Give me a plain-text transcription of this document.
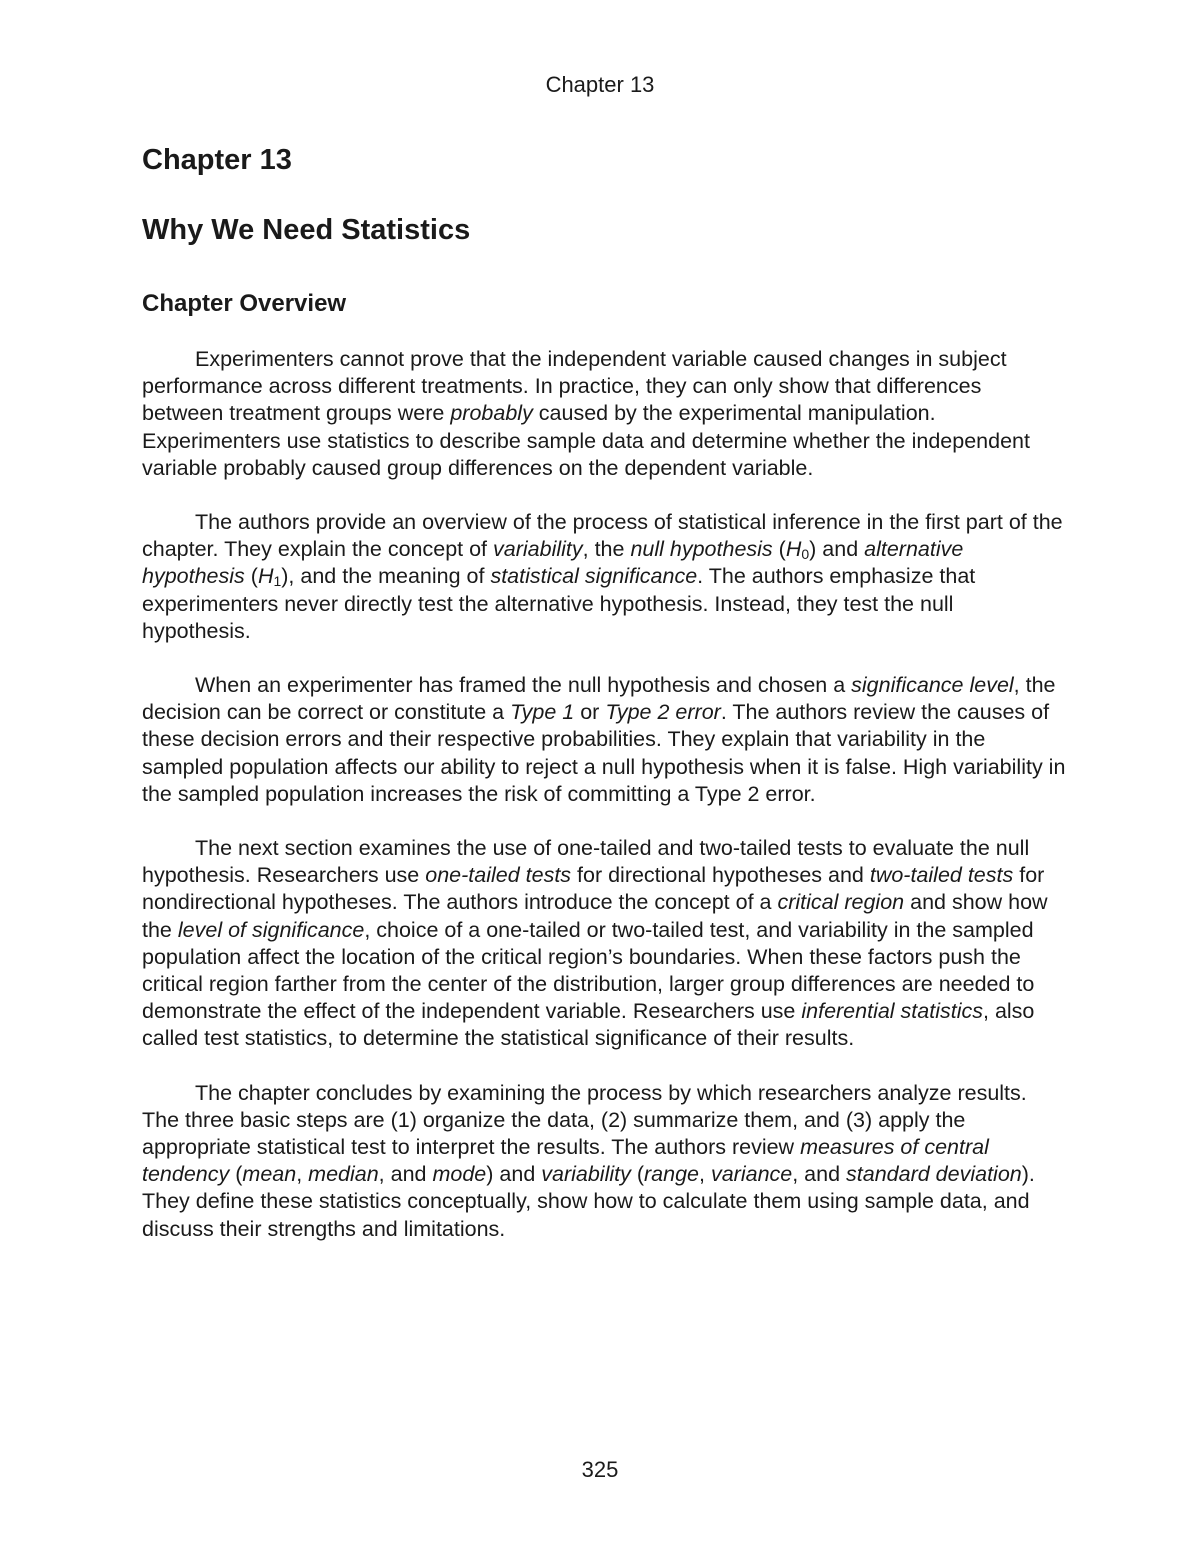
Chapter 13
Chapter 13
Why We Need Statistics
Chapter Overview

Experimenters cannot prove that the independent variable caused changes in subject performance across different treatments. In practice, they can only show that differences between treatment groups were probably caused by the experimental manipulation. Experimenters use statistics to describe sample data and determine whether the independent variable probably caused group differences on the dependent variable.

The authors provide an overview of the process of statistical inference in the first part of the chapter. They explain the concept of variability, the null hypothesis $(H_0)$ and alternative hypothesis $(H_1)$, and the meaning of statistical significance. The authors emphasize that experimenters never directly test the alternative hypothesis. Instead, they test the null hypothesis.

When an experimenter has framed the null hypothesis and chosen a significance level, the decision can be correct or constitute a Type 1 or Type 2 error. The authors review the causes of these decision errors and their respective probabilities. They explain that variability in the sampled population affects our ability to reject a null hypothesis when it is false. High variability in the sampled population increases the risk of committing a Type 2 error.

The next section examines the use of one-tailed and two-tailed tests to evaluate the null hypothesis. Researchers use one-tailed tests for directional hypotheses and two-tailed tests for nondirectional hypotheses. The authors introduce the concept of a critical region and show how the level of significance, choice of a one-tailed or two-tailed test, and variability in the sampled population affect the location of the critical region’s boundaries. When these factors push the critical region farther from the center of the distribution, larger group differences are needed to demonstrate the effect of the independent variable. Researchers use inferential statistics, also called test statistics, to determine the statistical significance of their results.

The chapter concludes by examining the process by which researchers analyze results. The three basic steps are (1) organize the data, (2) summarize them, and (3) apply the appropriate statistical test to interpret the results. The authors review measures of central tendency (mean, median, and mode) and variability (range, variance, and standard deviation). They define these statistics conceptually, show how to calculate them using sample data, and discuss their strengths and limitations.

325
